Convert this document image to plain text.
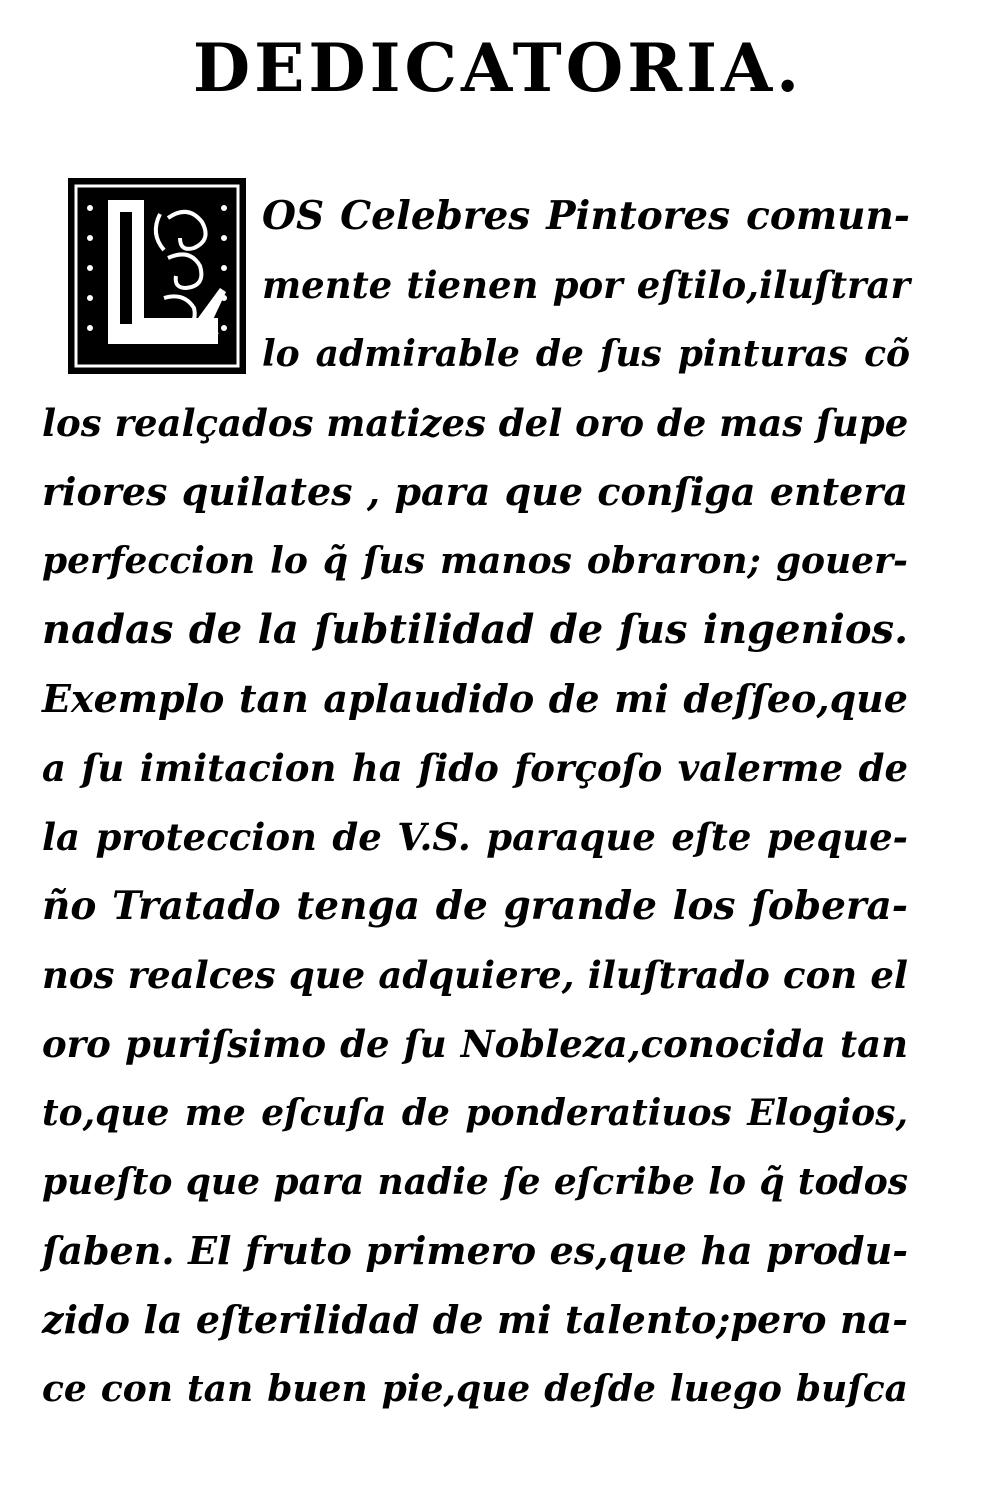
DEDICATORIA.
OS Celebres Pintores comun-
mente tienen por eſtilo,iluſtrar
lo admirable de ſus pinturas cõ
los realçados matizes del oro de mas ſupe
riores quilates , para que conſiga entera
perfeccion lo q̃ ſus manos obraron; gouer-
nadas de la ſubtilidad de ſus ingenios.
Exemplo tan aplaudido de mi deſſeo,que
a ſu imitacion ha ſido forçoſo valerme de
la proteccion de V.S. paraque eſte peque-
ño Tratado tenga de grande los ſobera-
nos realces que adquiere, iluſtrado con el
oro puriſsimo de ſu Nobleza,conocida tan
to,que me eſcuſa de ponderatiuos Elogios,
pueſto que para nadie ſe eſcribe lo q̃ todos
ſaben. El fruto primero es,que ha produ-
zido la eſterilidad de mi talento;pero na-
ce con tan buen pie,que deſde luego buſca
